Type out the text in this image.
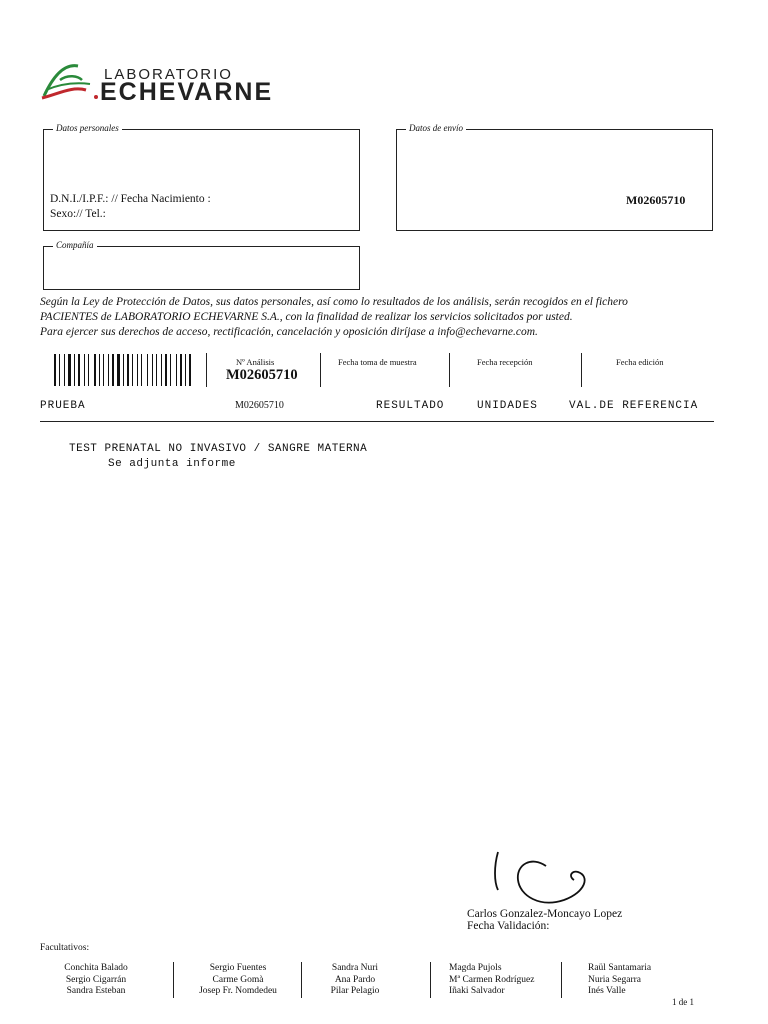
LABORATORIO
ECHEVARNE
Datos personales
D.N.I./I.P.F.: // Fecha Nacimiento :
Sexo:// Tel.:
Datos de envío
M02605710
Compañía
Según la Ley de Protección de Datos, sus datos personales, así como lo resultados de los análisis, serán recogidos en el fichero
PACIENTES de LABORATORIO ECHEVARNE S.A., con la finalidad de realizar los servicios solicitados por usted.
Para ejercer sus derechos de acceso, rectificación, cancelación y oposición diríjase a info@echevarne.com.
Nº Análisis
M02605710
Fecha toma de muestra	Fecha recepción	Fecha edición
PRUEBA	M02605710	RESULTADO	UNIDADES	VAL.DE REFERENCIA
TEST PRENATAL NO INVASIVO / SANGRE MATERNA
Se adjunta informe
Carlos Gonzalez-Moncayo Lopez
Fecha Validación:
Facultativos:
Conchita Balado
Sergio Cigarrán
Sandra Esteban
Sergio Fuentes
Carme Gomà
Josep Fr. Nomdedeu
Sandra Nuri
Ana Pardo
Pilar Pelagio
Magda Pujols
Mª Carmen Rodríguez
Iñaki Salvador
Raül Santamaria
Nuria Segarra
Inés Valle
1 de 1
